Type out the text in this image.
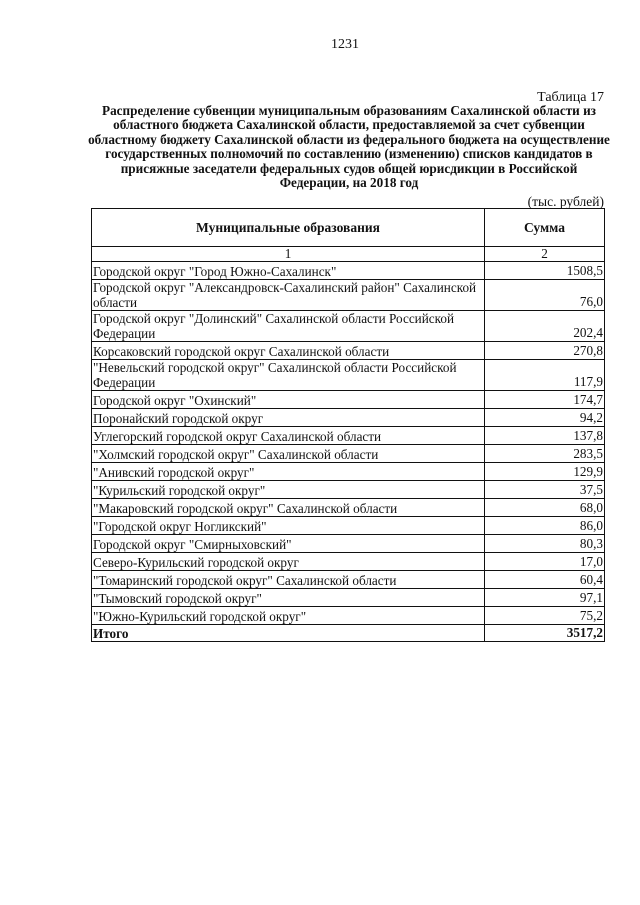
1231
Таблица 17
Распределение субвенции муниципальным образованиям Сахалинской области из областного бюджета Сахалинской области, предоставляемой за счет субвенции областному бюджету Сахалинской области из федерального бюджета на осуществление государственных полномочий по составлению (изменению) списков кандидатов в присяжные заседатели федеральных судов общей юрисдикции в Российской Федерации, на 2018 год
(тыс. рублей)
Муниципальные образования	Сумма
1	2
Городской округ "Город Южно-Сахалинск"	1508,5
Городской округ "Александровск-Сахалинский район" Сахалинской области	76,0
Городской округ "Долинский" Сахалинской области Российской Федерации	202,4
Корсаковский городской округ Сахалинской области	270,8
"Невельский городской округ" Сахалинской области Российской Федерации	117,9
Городской округ "Охинский"	174,7
Поронайский городской округ	94,2
Углегорский городской округ Сахалинской области	137,8
"Холмский городской округ" Сахалинской области	283,5
"Анивский городской округ"	129,9
"Курильский городской округ"	37,5
"Макаровский городской округ" Сахалинской области	68,0
"Городской округ Ногликский"	86,0
Городской округ "Смирныховский"	80,3
Северо-Курильский городской округ	17,0
"Томаринский городской округ" Сахалинской области	60,4
"Тымовский городской округ"	97,1
"Южно-Курильский городской округ"	75,2
Итого	3517,2
